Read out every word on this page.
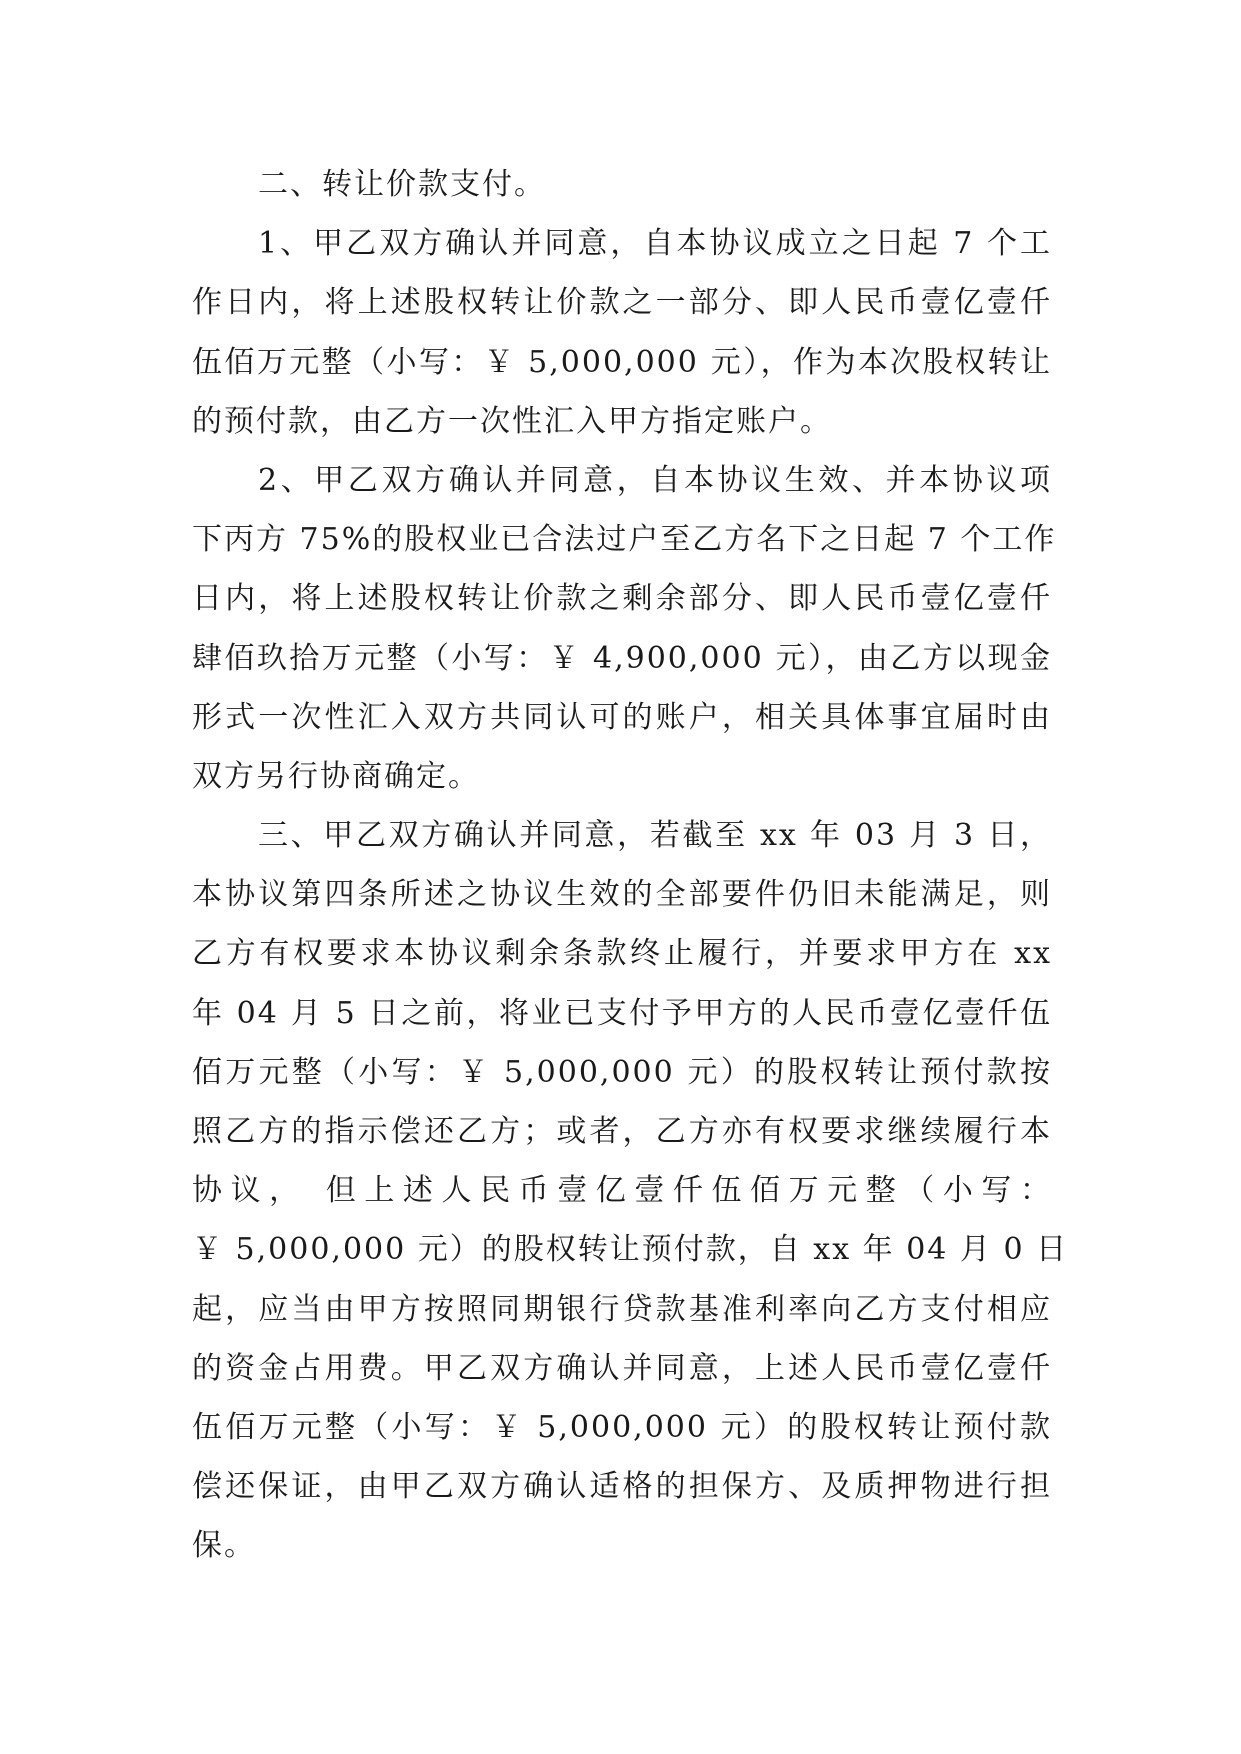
二、转让价款支付。
1、甲乙双方确认并同意，自本协议成立之日起 7 个工
作日内，将上述股权转让价款之一部分、即人民币壹亿壹仟
伍佰万元整（小写：￥ 5,000,000 元），作为本次股权转让
的预付款，由乙方一次性汇入甲方指定账户。
2、甲乙双方确认并同意，自本协议生效、并本协议项
下丙方 75%的股权业已合法过户至乙方名下之日起 7 个工作
日内，将上述股权转让价款之剩余部分、即人民币壹亿壹仟
肆佰玖拾万元整（小写：￥ 4,900,000 元），由乙方以现金
形式一次性汇入双方共同认可的账户，相关具体事宜届时由
双方另行协商确定。
三、甲乙双方确认并同意，若截至 xx 年 03 月 3 日，
本协议第四条所述之协议生效的全部要件仍旧未能满足，则
乙方有权要求本协议剩余条款终止履行，并要求甲方在 xx
年 04 月 5 日之前，将业已支付予甲方的人民币壹亿壹仟伍
佰万元整（小写：￥ 5,000,000 元）的股权转让预付款按
照乙方的指示偿还乙方；或者，乙方亦有权要求继续履行本
协议， 但上述人民币壹亿壹仟伍佰万元整（小写：
￥ 5,000,000 元）的股权转让预付款，自 xx 年 04 月 0 日
起，应当由甲方按照同期银行贷款基准利率向乙方支付相应
的资金占用费。甲乙双方确认并同意，上述人民币壹亿壹仟
伍佰万元整（小写：￥ 5,000,000 元）的股权转让预付款
偿还保证，由甲乙双方确认适格的担保方、及质押物进行担
保。
